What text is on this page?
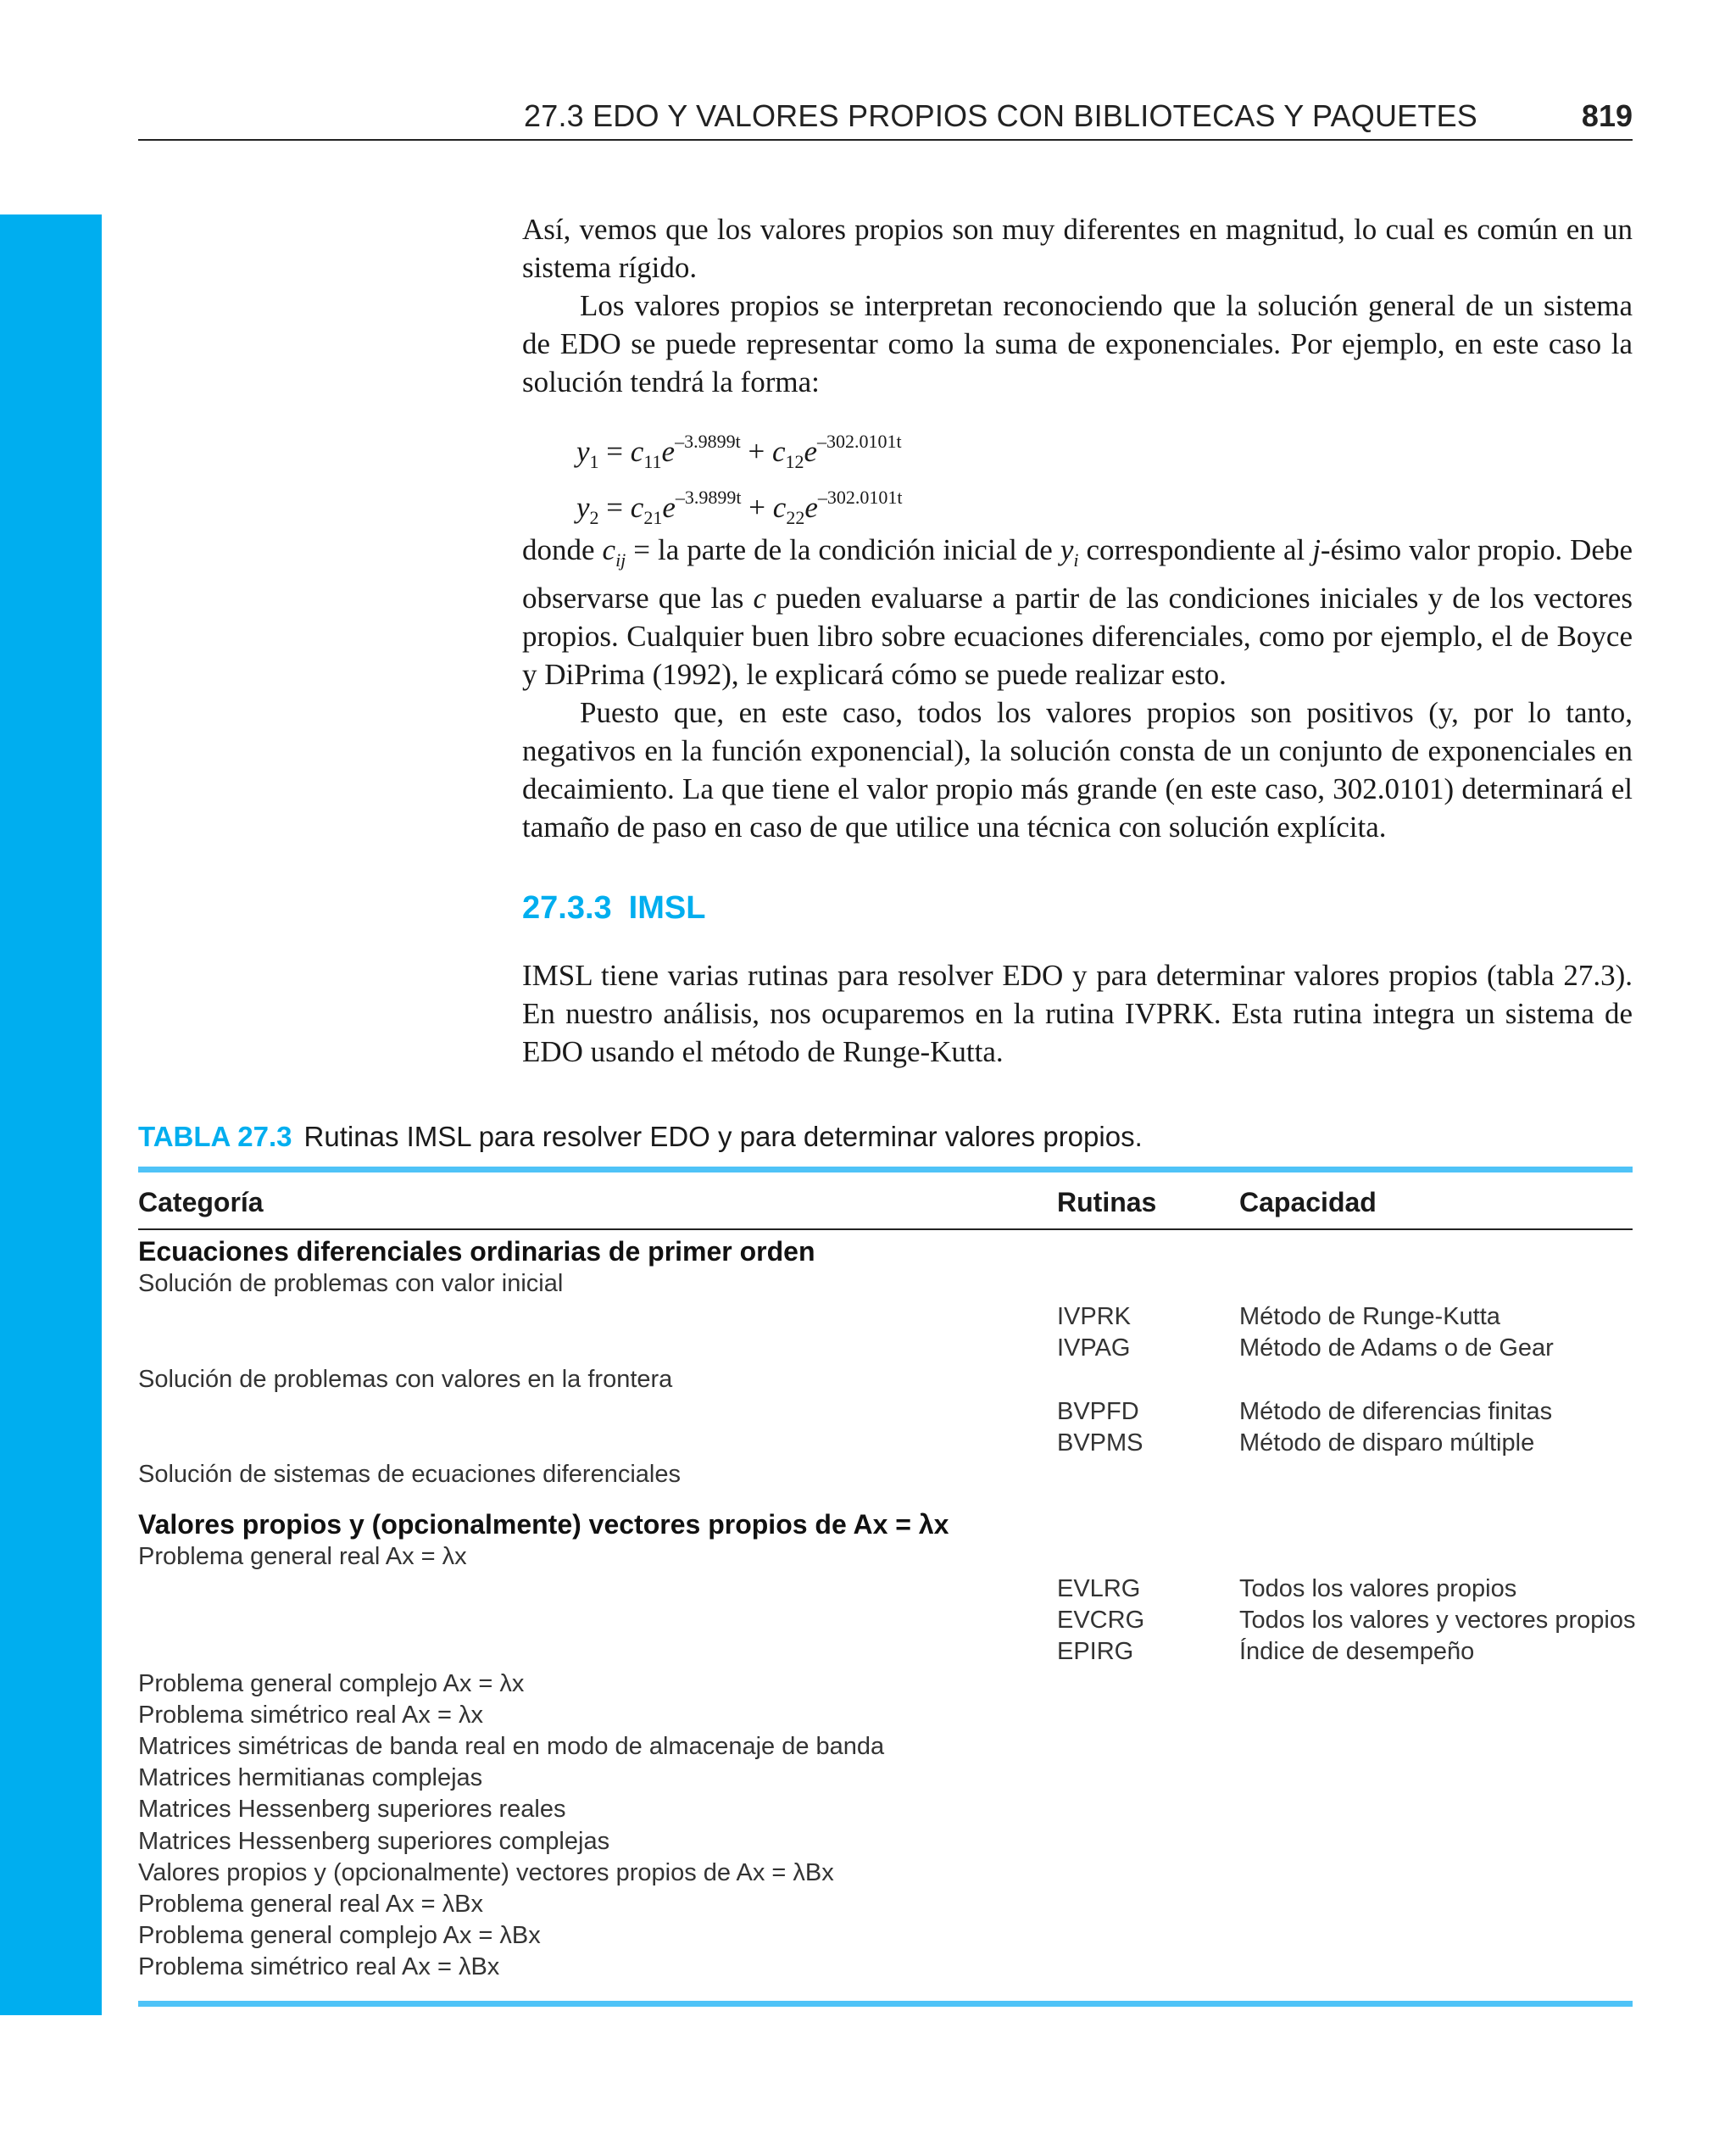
27.3 EDO Y VALORES PROPIOS CON BIBLIOTECAS Y PAQUETES	819

Así, vemos que los valores propios son muy diferentes en magnitud, lo cual es común en un sistema rígido.

Los valores propios se interpretan reconociendo que la solución general de un sistema de EDO se puede representar como la suma de exponenciales. Por ejemplo, en este caso la solución tendrá la forma:

$y_1 = c_{11}e^{-3.9899t} + c_{12}e^{-302.0101t}$
$y_2 = c_{21}e^{-3.9899t} + c_{22}e^{-302.0101t}$

donde $c_{ij}$ = la parte de la condición inicial de $y_i$ correspondiente al j-ésimo valor propio. Debe observarse que las c pueden evaluarse a partir de las condiciones iniciales y de los vectores propios. Cualquier buen libro sobre ecuaciones diferenciales, como por ejemplo, el de Boyce y DiPrima (1992), le explicará cómo se puede realizar esto.

Puesto que, en este caso, todos los valores propios son positivos (y, por lo tanto, negativos en la función exponencial), la solución consta de un conjunto de exponenciales en decaimiento. La que tiene el valor propio más grande (en este caso, 302.0101) determinará el tamaño de paso en caso de que utilice una técnica con solución explícita.

27.3.3 IMSL

IMSL tiene varias rutinas para resolver EDO y para determinar valores propios (tabla 27.3). En nuestro análisis, nos ocuparemos en la rutina IVPRK. Esta rutina integra un sistema de EDO usando el método de Runge-Kutta.

TABLA 27.3 Rutinas IMSL para resolver EDO y para determinar valores propios.
Categoría	Rutinas	Capacidad
Ecuaciones diferenciales ordinarias de primer orden
Solución de problemas con valor inicial
IVPRK	Método de Runge-Kutta
IVPAG	Método de Adams o de Gear
Solución de problemas con valores en la frontera
BVPFD	Método de diferencias finitas
BVPMS	Método de disparo múltiple
Solución de sistemas de ecuaciones diferenciales
Valores propios y (opcionalmente) vectores propios de Ax = λx
Problema general real Ax = λx
EVLRG	Todos los valores propios
EVCRG	Todos los valores y vectores propios
EPIRG	Índice de desempeño
Problema general complejo Ax = λx
Problema simétrico real Ax = λx
Matrices simétricas de banda real en modo de almacenaje de banda
Matrices hermitianas complejas
Matrices Hessenberg superiores reales
Matrices Hessenberg superiores complejas
Valores propios y (opcionalmente) vectores propios de Ax = λBx
Problema general real Ax = λBx
Problema general complejo Ax = λBx
Problema simétrico real Ax = λBx
